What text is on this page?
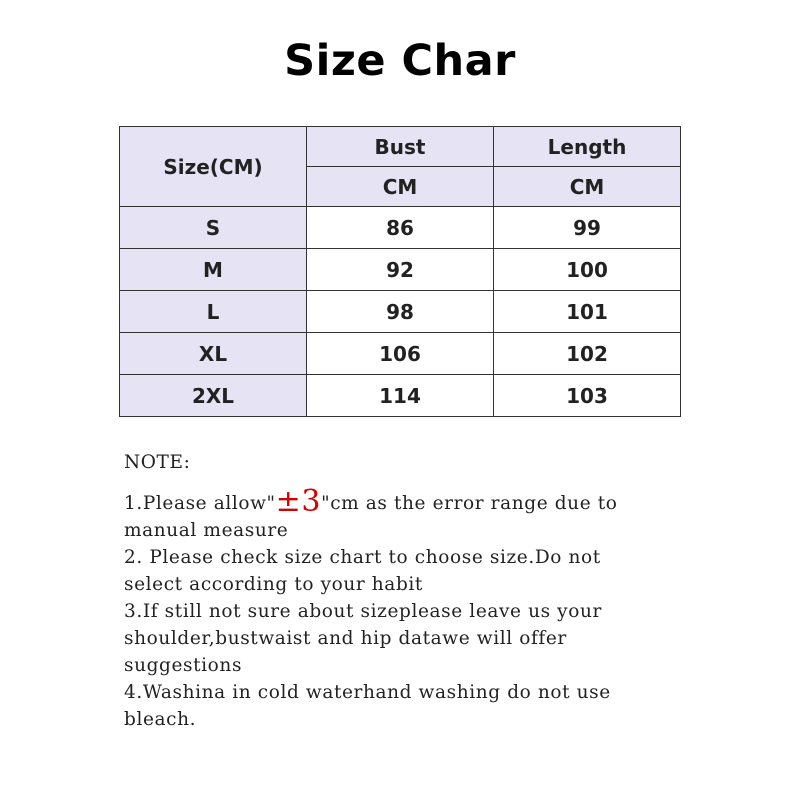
Size Char
Size(CM)	Bust	Length
	CM	CM
S	86	99
M	92	100
L	98	101
XL	106	102
2XL	114	103
NOTE:
1.Please allow"±3"cm as the error range due to
manual measure
2. Please check size chart to choose size.Do not
select according to your habit
3.If still not sure about sizeplease leave us your
shoulder,bustwaist and hip datawe will offer
suggestions
4.Washina in cold waterhand washing do not use
bleach.
